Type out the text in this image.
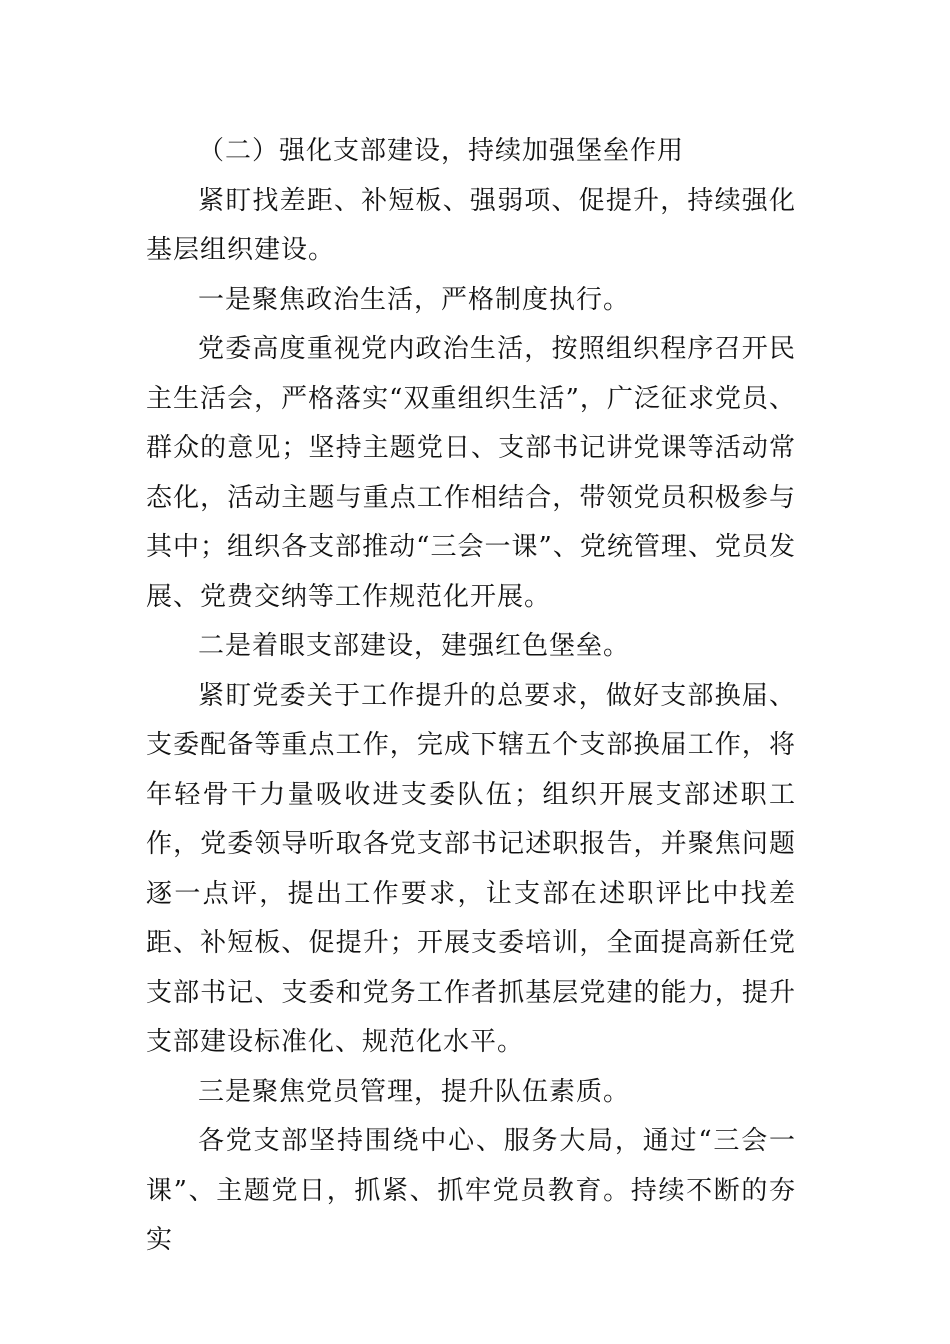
（二）强化支部建设，持续加强堡垒作用

紧盯找差距、补短板、强弱项、促提升，持续强化基层组织建设。

一是聚焦政治生活，严格制度执行。

党委高度重视党内政治生活，按照组织程序召开民主生活会，严格落实“双重组织生活”，广泛征求党员、群众的意见；坚持主题党日、支部书记讲党课等活动常态化，活动主题与重点工作相结合，带领党员积极参与其中；组织各支部推动“三会一课”、党统管理、党员发展、党费交纳等工作规范化开展。

二是着眼支部建设，建强红色堡垒。

紧盯党委关于工作提升的总要求，做好支部换届、支委配备等重点工作，完成下辖五个支部换届工作，将年轻骨干力量吸收进支委队伍；组织开展支部述职工作，党委领导听取各党支部书记述职报告，并聚焦问题逐一点评，提出工作要求，让支部在述职评比中找差距、补短板、促提升；开展支委培训，全面提高新任党支部书记、支委和党务工作者抓基层党建的能力，提升支部建设标准化、规范化水平。

三是聚焦党员管理，提升队伍素质。

各党支部坚持围绕中心、服务大局，通过“三会一课”、主题党日，抓紧、抓牢党员教育。持续不断的夯实
